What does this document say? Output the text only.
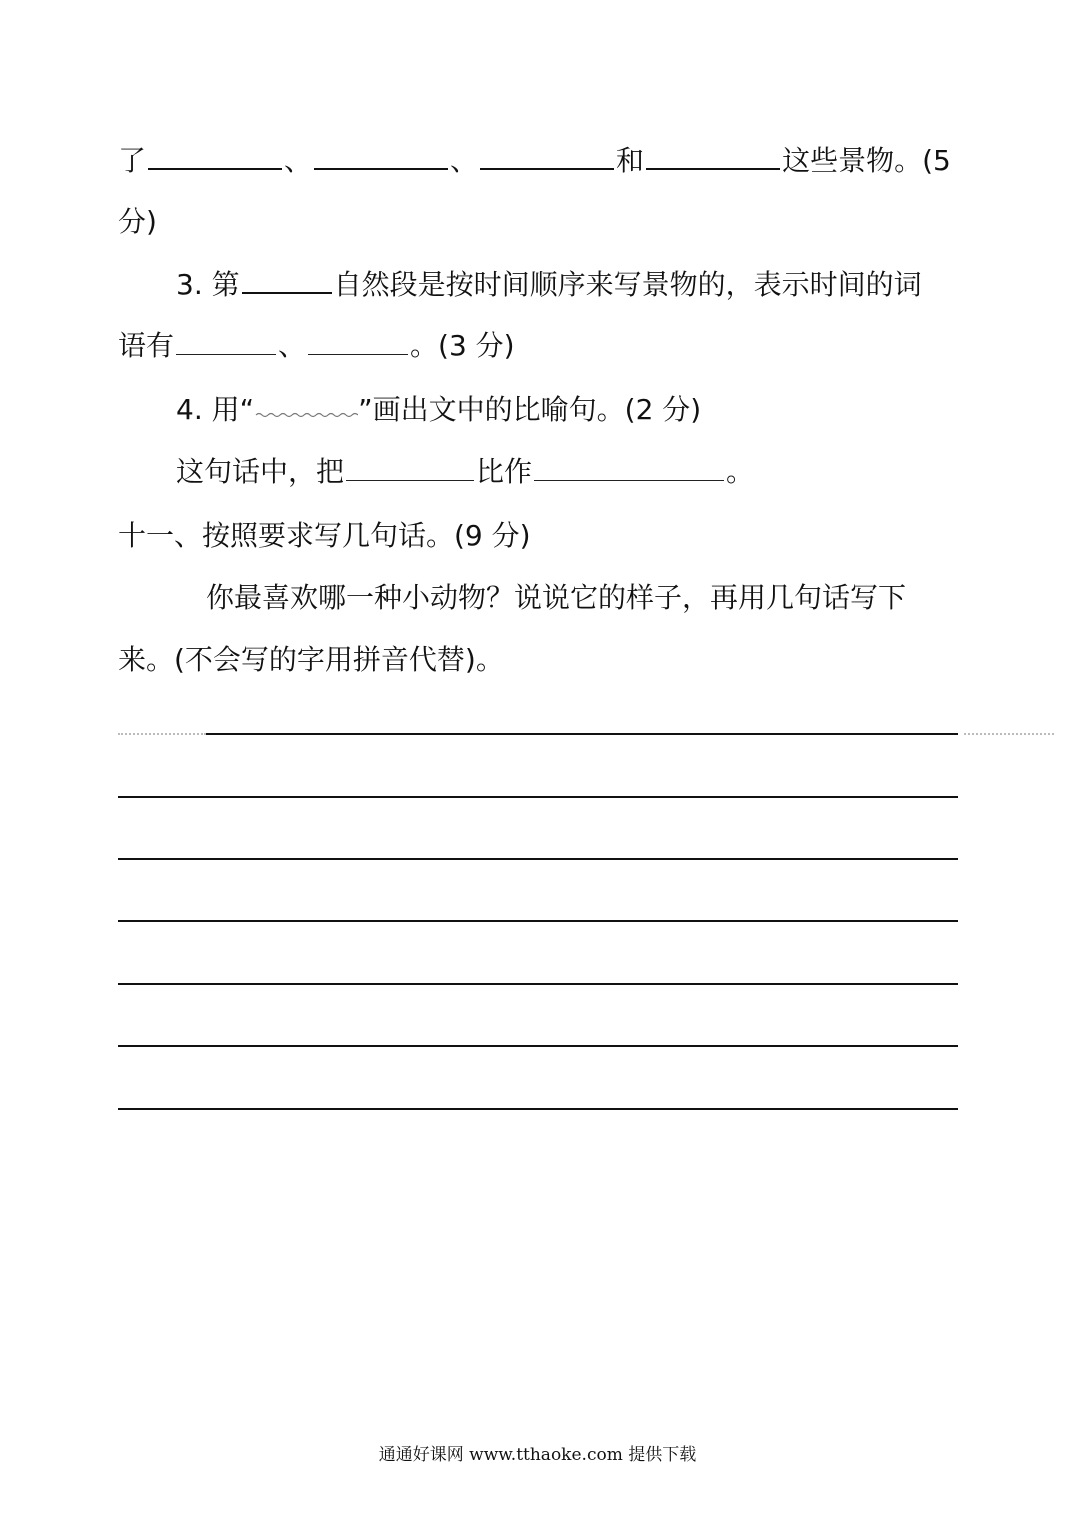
了	、	、	和	这些景物。(5
分)
3. 第	自然段是按时间顺序来写景物的，表示时间的词
语有	、	。(3 分)
4. 用“	”画出文中的比喻句。(2 分)
这句话中，把	比作	。
十一、按照要求写几句话。(9 分)
你最喜欢哪一种小动物？说说它的样子，再用几句话写下
来。(不会写的字用拼音代替)。
通通好课网 www.tthaoke.com 提供下载
